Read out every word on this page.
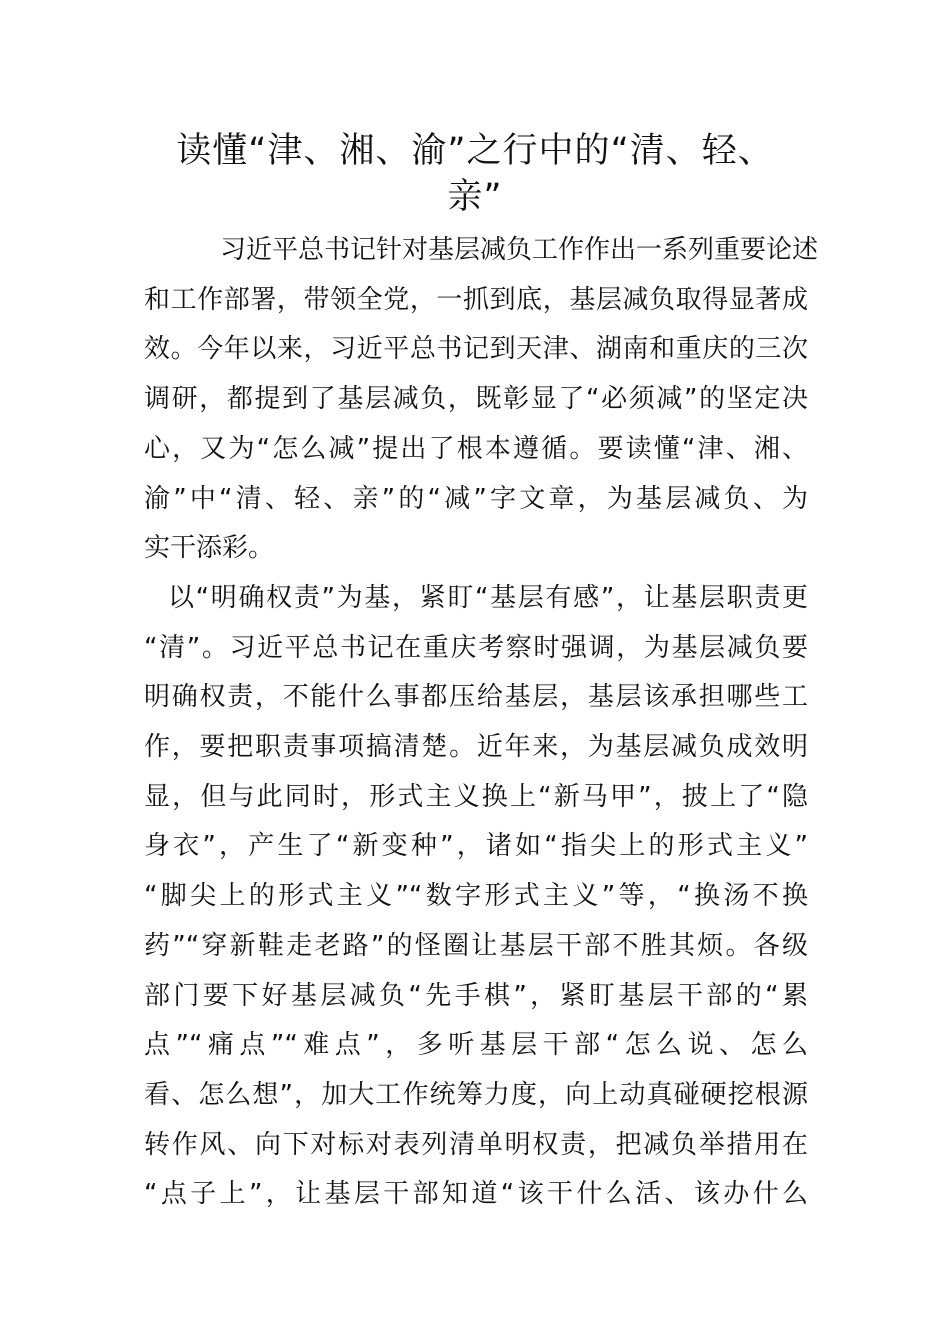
读懂“津、湘、渝”之行中的“清、轻、
亲”
习近平总书记针对基层减负工作作出一系列重要论述
和工作部署，带领全党，一抓到底，基层减负取得显著成
效。今年以来，习近平总书记到天津、湖南和重庆的三次
调研，都提到了基层减负，既彰显了“必须减”的坚定决
心，又为“怎么减”提出了根本遵循。要读懂“津、湘、
渝”中“清、轻、亲”的“减”字文章，为基层减负、为
实干添彩。
以“明确权责”为基，紧盯“基层有感”，让基层职责更
“清”。习近平总书记在重庆考察时强调，为基层减负要
明确权责，不能什么事都压给基层，基层该承担哪些工
作，要把职责事项搞清楚。近年来，为基层减负成效明
显，但与此同时，形式主义换上“新马甲”，披上了“隐
身衣”，产生了“新变种”，诸如“指尖上的形式主义”
“脚尖上的形式主义”“数字形式主义”等，“换汤不换
药”“穿新鞋走老路”的怪圈让基层干部不胜其烦。各级
部门要下好基层减负“先手棋”，紧盯基层干部的“累
点”“痛点”“难点”，多听基层干部“怎么说、怎么
看、怎么想”，加大工作统筹力度，向上动真碰硬挖根源
转作风、向下对标对表列清单明权责，把减负举措用在
“点子上”，让基层干部知道“该干什么活、该办什么
